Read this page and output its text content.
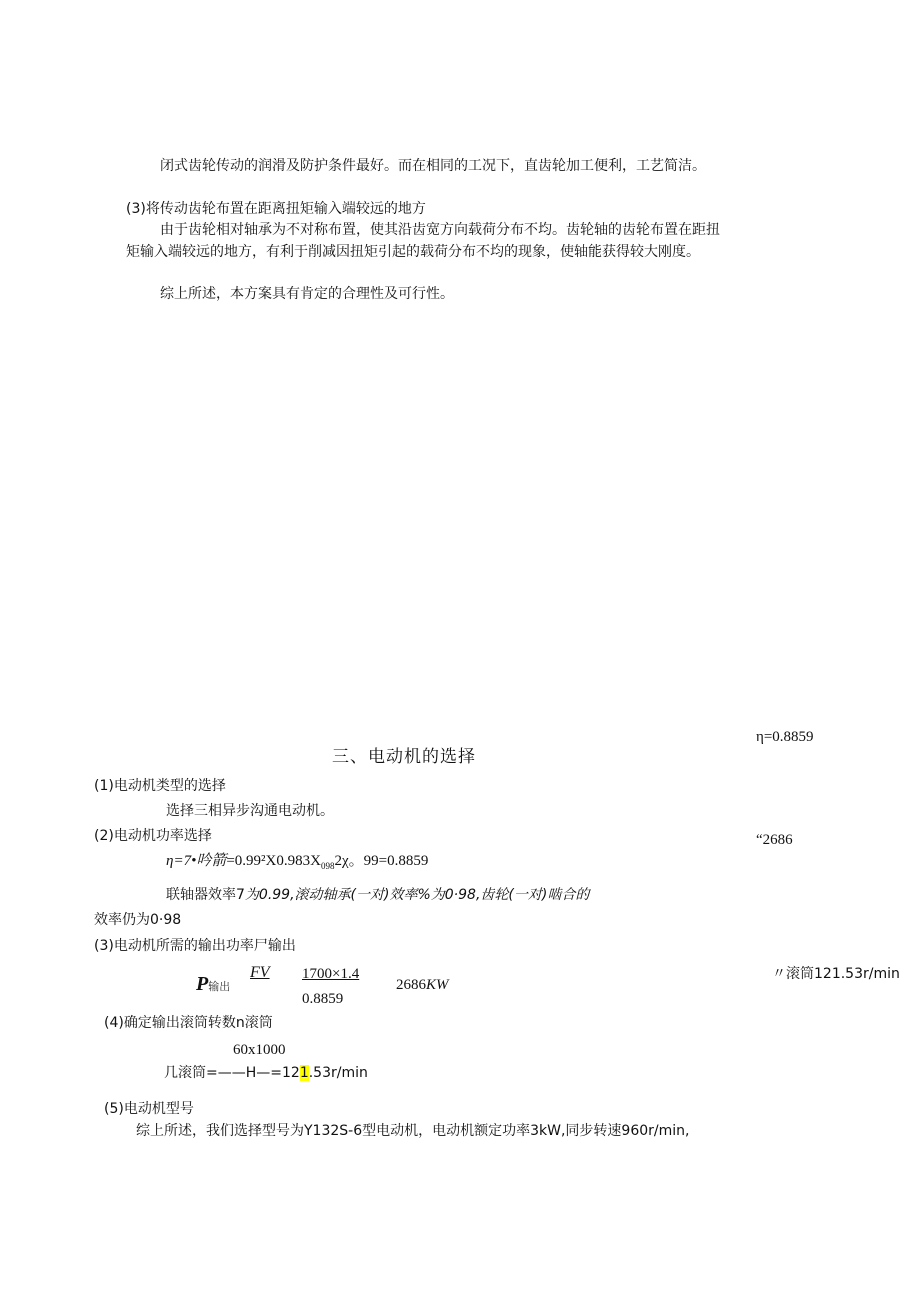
闭式齿轮传动的润滑及防护条件最好。而在相同的工况下，直齿轮加工便利，工艺简洁。
(3)将传动齿轮布置在距离扭矩输入端较远的地方
由于齿轮相对轴承为不对称布置，使其沿齿宽方向载荷分布不均。齿轮轴的齿轮布置在距扭
矩输入端较远的地方，有利于削减因扭矩引起的载荷分布不均的现象，使轴能获得较大刚度。
综上所述，本方案具有肯定的合理性及可行性。
η=0.8859
“2686
〃滚筒121.53r/min
三、电动机的选择
(1)电动机类型的选择
选择三相异步沟通电动机。
(2)电动机功率选择
η=7•吟箭$=0.99^2X0.983X_{098}2\chi$。99=0.8859
联轴器效率7为0.99,滚动轴承(一对)效率%为0·98,齿轮(一对)啮合的
效率仍为0·98
(3)电动机所需的输出功率尸输出
P输出
FV 1700×1.4
0.8859
2686KW
(4)确定输出滚筒转数n滚筒
60x1000
几滚筒=——H—=121.53r/min
(5)电动机型号
综上所述，我们选择型号为Y132S-6型电动机，电动机额定功率3kW,同步转速960r/min,
